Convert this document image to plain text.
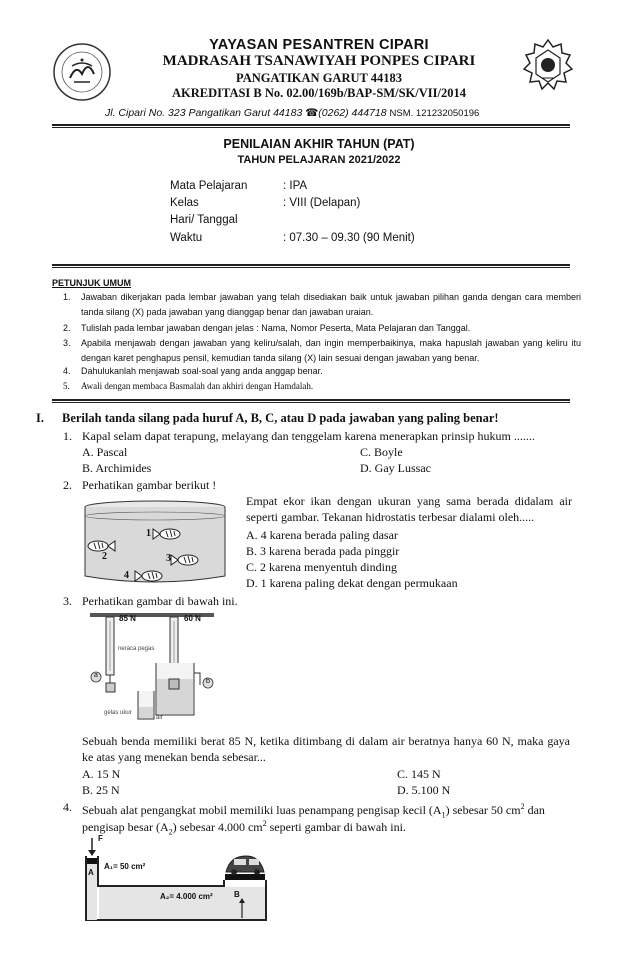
YAYASAN PESANTREN CIPARI
MADRASAH TSANAWIYAH PONPES CIPARI
PANGATIKAN GARUT 44183
AKREDITASI B No. 02.00/169b/BAP-SM/SK/VII/2014
Jl. Cipari No. 323 Pangatikan Garut 44183 ☎(0262) 444718 NSM. 121232050196
PENILAIAN AKHIR TAHUN (PAT)
TAHUN PELAJARAN 2021/2022
Mata Pelajaran	: IPA
Kelas	: VIII (Delapan)
Hari/ Tanggal
Waktu	: 07.30 – 09.30 (90 Menit)
PETUNJUK UMUM
1.	Jawaban dikerjakan pada lembar jawaban yang telah disediakan baik untuk jawaban pilihan ganda dengan cara memberi tanda silang (X) pada jawaban yang dianggap benar dan jawaban uraian.
2.	Tulislah pada lembar jawaban dengan jelas : Nama, Nomor Peserta, Mata Pelajaran dan Tanggal.
3.	Apabila menjawab dengan jawaban yang keliru/salah, dan ingin memperbaikinya, maka hapuslah jawaban yang keliru itu dengan karet penghapus pensil, kemudian tanda silang (X) lain sesuai dengan jawaban yang benar.
4.	Dahulukanlah menjawab soal-soal yang anda anggap benar.
5.	Awali dengan membaca Basmalah dan akhiri dengan Hamdalah.
I. Berilah tanda silang pada huruf A, B, C, atau D pada jawaban yang paling benar!
1. Kapal selam dapat terapung, melayang dan tenggelam karena menerapkan prinsip hukum .......
A. Pascal	C. Boyle
B. Archimides	D. Gay Lussac
2. Perhatikan gambar berikut !
1
2	3
4
Empat ekor ikan dengan ukuran yang sama berada didalam air seperti gambar. Tekanan hidrostatis terbesar dialami oleh.....
A. 4 karena berada paling dasar
B. 3 karena berada pada pinggir
C. 2 karena menyentuh dinding
D. 1 karena paling dekat dengan permukaan
3. Perhatikan gambar di bawah ini.
85 N	60 N
neraca pegas
a
b
gelas ukur
air
Sebuah benda memiliki berat 85 N, ketika ditimbang di dalam air beratnya hanya 60 N, maka gaya ke atas yang menekan benda sebesar...
A. 15 N	C. 145 N
B. 25 N	D. 5.100 N
4. Sebuah alat pengangkat mobil memiliki luas penampang pengisap kecil $(A_1)$ sebesar 50 $cm^2$ dan
pengisap besar $(A_2)$ sebesar 4.000 $cm^2$ seperti gambar di bawah ini.
F
A
A₁= 50 cm²
A₂= 4.000 cm²	B
